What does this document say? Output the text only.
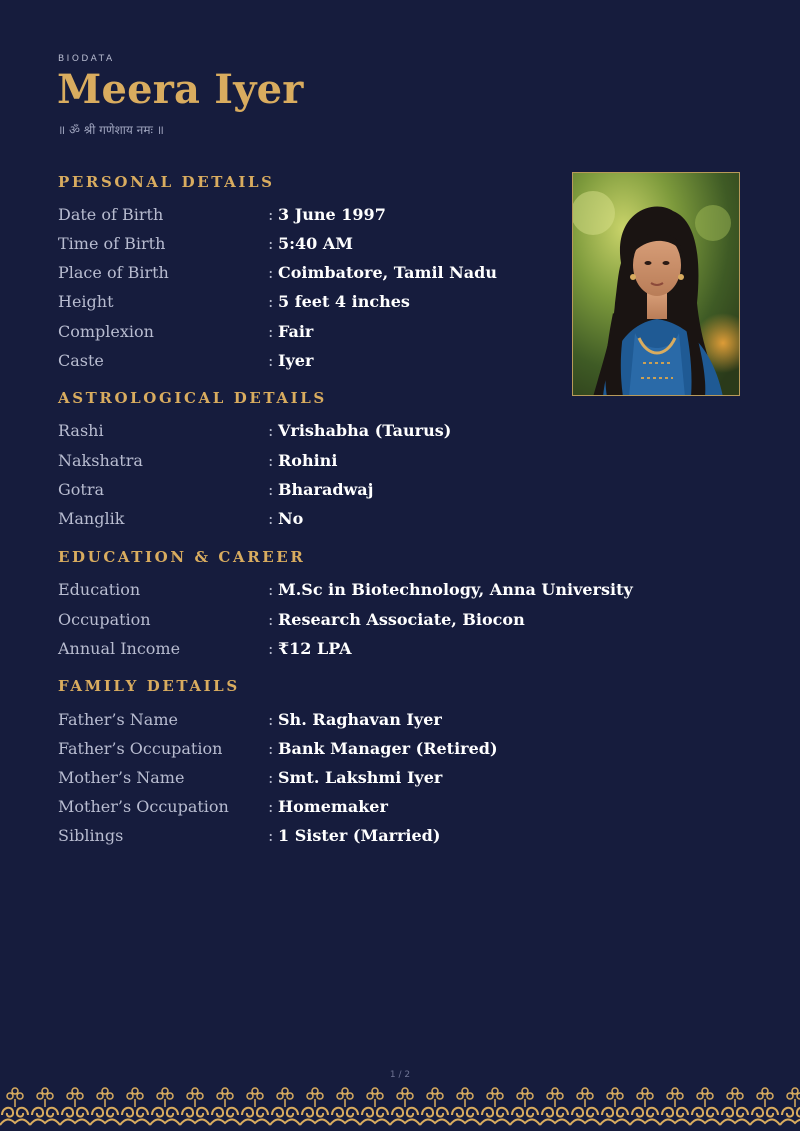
BIODATA
Meera Iyer
॥ ॐ श्री गणेशाय नमः ॥
PERSONAL DETAILS
Date of Birth	: 3 June 1997
Time of Birth	: 5:40 AM
Place of Birth	: Coimbatore, Tamil Nadu
Height	: 5 feet 4 inches
Complexion	: Fair
Caste	: Iyer
ASTROLOGICAL DETAILS
Rashi	: Vrishabha (Taurus)
Nakshatra	: Rohini
Gotra	: Bharadwaj
Manglik	: No
EDUCATION & CAREER
Education	: M.Sc in Biotechnology, Anna University
Occupation	: Research Associate, Biocon
Annual Income	: ₹12 LPA
FAMILY DETAILS
Father’s Name	: Sh. Raghavan Iyer
Father’s Occupation	: Bank Manager (Retired)
Mother’s Name	: Smt. Lakshmi Iyer
Mother’s Occupation : Homemaker
Siblings	: 1 Sister (Married)
1 / 2
